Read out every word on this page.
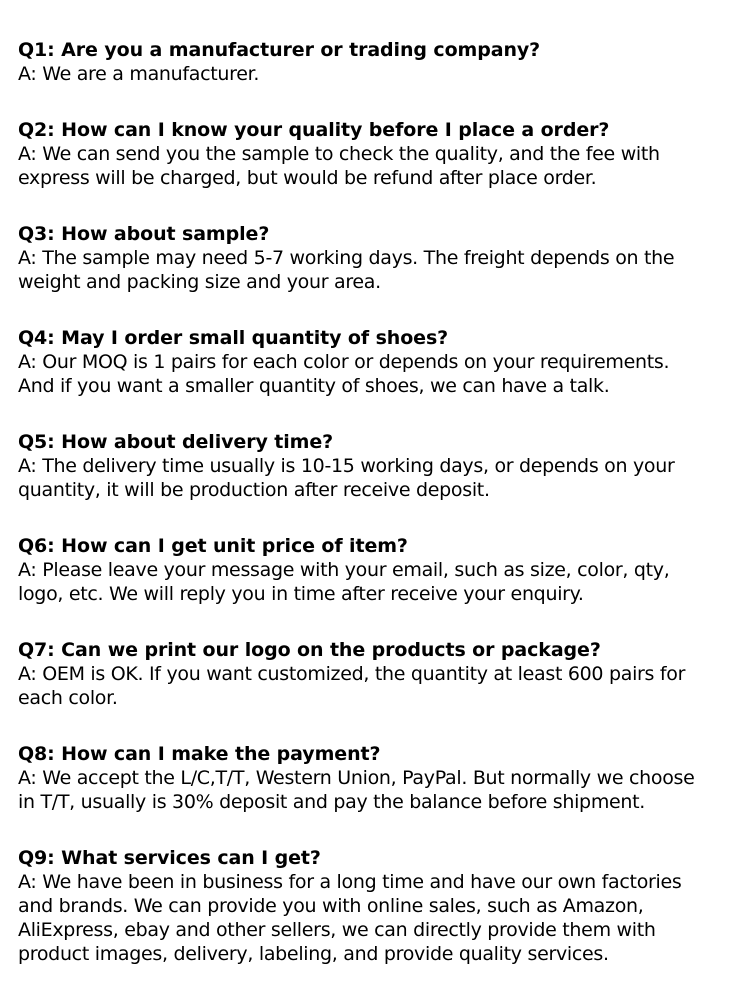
Q1: Are you a manufacturer or trading company?
A: We are a manufacturer.
Q2: How can I know your quality before I place a order?
A: We can send you the sample to check the quality, and the fee with
express will be charged, but would be refund after place order.
Q3: How about sample?
A: The sample may need 5-7 working days. The freight depends on the
weight and packing size and your area.
Q4: May I order small quantity of shoes?
A: Our MOQ is 1 pairs for each color or depends on your requirements.
And if you want a smaller quantity of shoes, we can have a talk.
Q5: How about delivery time?
A: The delivery time usually is 10-15 working days, or depends on your
quantity, it will be production after receive deposit.
Q6: How can I get unit price of item?
A: Please leave your message with your email, such as size, color, qty,
logo, etc. We will reply you in time after receive your enquiry.
Q7: Can we print our logo on the products or package?
A: OEM is OK. If you want customized, the quantity at least 600 pairs for
each color.
Q8: How can I make the payment?
A: We accept the L/C,T/T, Western Union, PayPal. But normally we choose
in T/T, usually is 30% deposit and pay the balance before shipment.
Q9: What services can I get?
A: We have been in business for a long time and have our own factories
and brands. We can provide you with online sales, such as Amazon,
AliExpress, ebay and other sellers, we can directly provide them with
product images, delivery, labeling, and provide quality services.
